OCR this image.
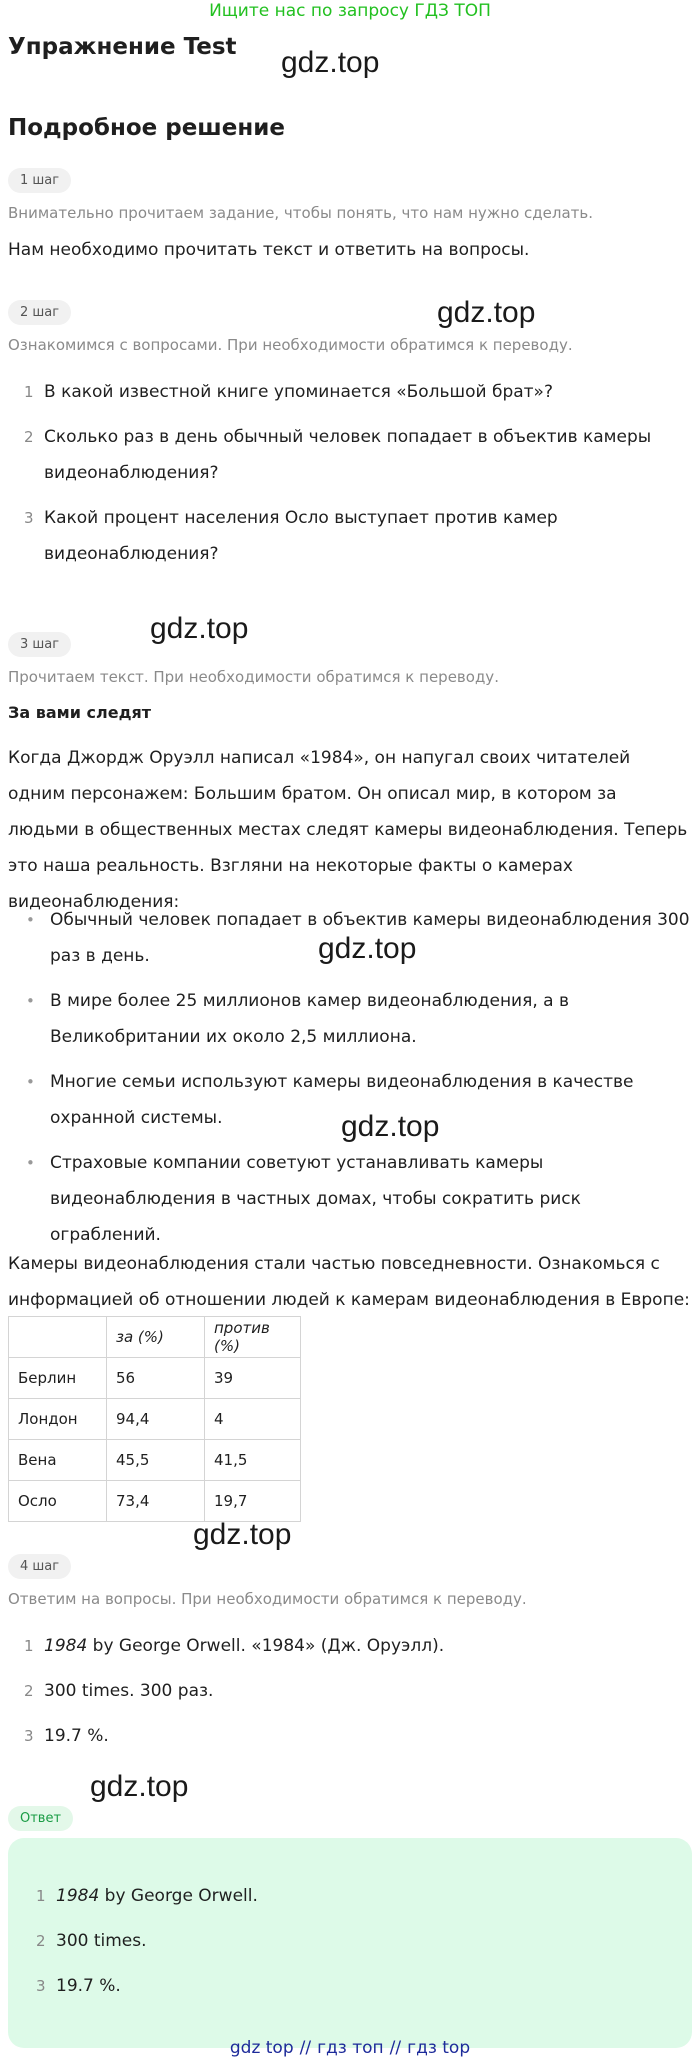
Ищите нас по запросу ГДЗ ТОП
Упражнение Test
Подробное решение
gdz.top
gdz.top
gdz.top
gdz.top
gdz.top
gdz.top
gdz.top
1 шаг
Внимательно прочитаем задание, чтобы понять, что нам нужно сделать.
Нам необходимо прочитать текст и ответить на вопросы.
2 шаг
Ознакомимся с вопросами. При необходимости обратимся к переводу.
1 В какой известной книге упоминается «Большой брат»?
2 Сколько раз в день обычный человек попадает в объектив камеры видеонаблюдения?
3 Какой процент населения Осло выступает против камер видеонаблюдения?
3 шаг
Прочитаем текст. При необходимости обратимся к переводу.
За вами следят
Когда Джордж Оруэлл написал «1984», он напугал своих читателей одним персонажем: Большим братом. Он описал мир, в котором за людьми в общественных местах следят камеры видеонаблюдения. Теперь это наша реальность. Взгляни на некоторые факты о камерах видеонаблюдения:
• Обычный человек попадает в объектив камеры видеонаблюдения 300 раз в день.
• В мире более 25 миллионов камер видеонаблюдения, а в Великобритании их около 2,5 миллиона.
• Многие семьи используют камеры видеонаблюдения в качестве охранной системы.
• Страховые компании советуют устанавливать камеры видеонаблюдения в частных домах, чтобы сократить риск ограблений.
Камеры видеонаблюдения стали частью повседневности. Ознакомься с информацией об отношении людей к камерам видеонаблюдения в Европе:
	за (%)	против (%)
Берлин	56	39
Лондон	94,4	4
Вена	45,5	41,5
Осло	73,4	19,7
4 шаг
Ответим на вопросы. При необходимости обратимся к переводу.
1 1984 by George Orwell. «1984» (Дж. Оруэлл).
2 300 times. 300 раз.
3 19.7 %.
Ответ
1 1984 by George Orwell.
2 300 times.
3 19.7 %.
gdz top // гдз топ // гдз top
